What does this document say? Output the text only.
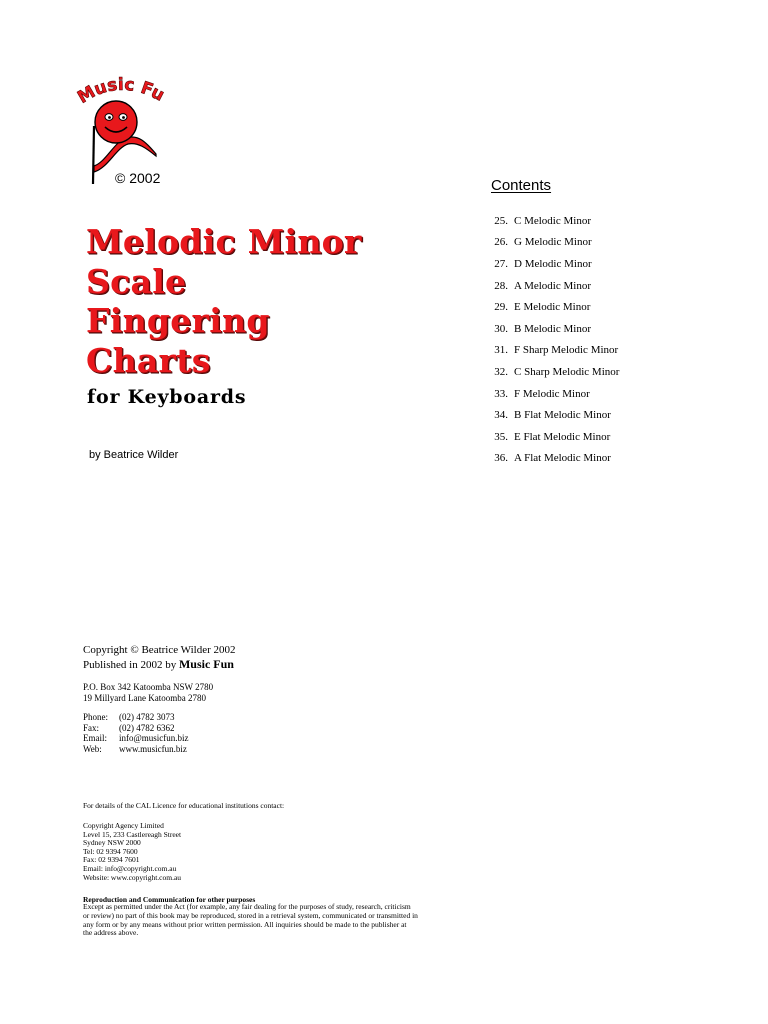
Music Fu
© 2002
Melodic Minor
Scale
Fingering
Charts
for Keyboards
by Beatrice Wilder
Contents
25. C Melodic Minor
26. G Melodic Minor
27. D Melodic Minor
28. A Melodic Minor
29. E Melodic Minor
30. B Melodic Minor
31. F Sharp Melodic Minor
32. C Sharp Melodic Minor
33. F Melodic Minor
34. B Flat Melodic Minor
35. E Flat Melodic Minor
36. A Flat Melodic Minor
Copyright © Beatrice Wilder 2002
Published in 2002 by Music Fun
P.O. Box 342 Katoomba NSW 2780
19 Millyard Lane Katoomba 2780
Phone: (02) 4782 3073
Fax: (02) 4782 6362
Email: info@musicfun.biz
Web: www.musicfun.biz
For details of the CAL Licence for educational institutions contact:
Copyright Agency Limited
Level 15, 233 Castlereagh Street
Sydney NSW 2000
Tel: 02 9394 7600
Fax: 02 9394 7601
Email: info@copyright.com.au
Website: www.copyright.com.au
Reproduction and Communication for other purposes
Except as permitted under the Act (for example, any fair dealing for the purposes of study, research, criticism
or review) no part of this book may be reproduced, stored in a retrieval system, communicated or transmitted in
any form or by any means without prior written permission. All inquiries should be made to the publisher at
the address above.
